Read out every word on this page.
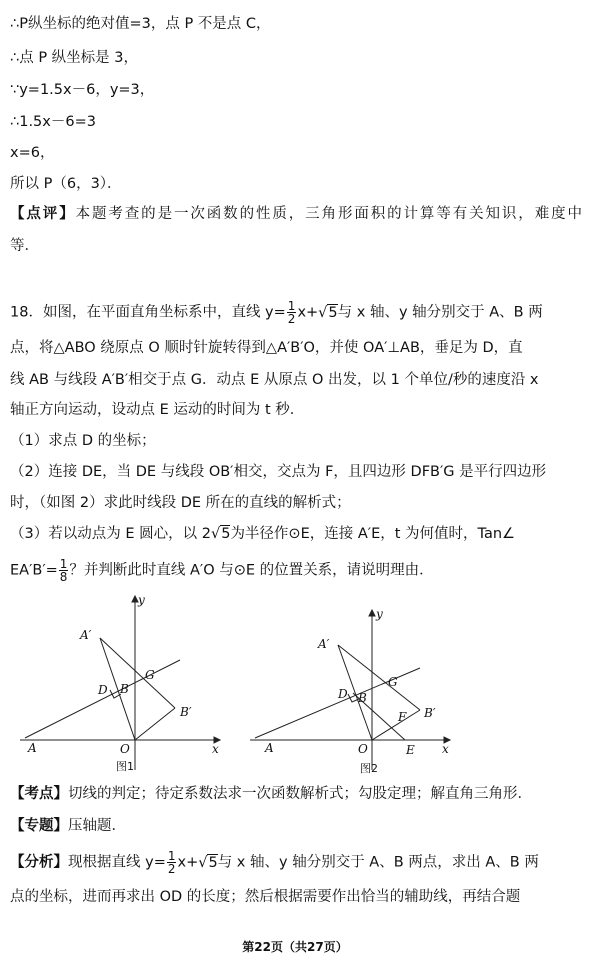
∴P纵坐标的绝对值=3，点 P 不是点 C，
∴点 P 纵坐标是 3，
∵y=1.5x－6，y=3，
∴1.5x－6=3
x=6，
所以 P（6，3）．
【点评】本题考查的是一次函数的性质，三角形面积的计算等有关知识，难度中
等．
18．如图，在平面直角坐标系中，直线 $y= \frac{1}{2} x+√5$与 x 轴、y 轴分别交于 A、B 两
点，将△ABO 绕原点 O 顺时针旋转得到△A′B′O，并使 OA′⊥AB，垂足为 D，直
线 AB 与线段 A′B′相交于点 G．动点 E 从原点 O 出发，以 1 个单位/秒的速度沿 x
轴正方向运动，设动点 E 运动的时间为 t 秒．
（1）求点 D 的坐标；
（2）连接 DE，当 DE 与线段 OB′相交，交点为 F，且四边形 DFB′G 是平行四边形
时，（如图 2）求此时线段 DE 所在的直线的解析式；
（3）若以动点为 E 圆心，以 2√5为半径作⊙E，连接 A′E，t 为何值时，Tan∠
$EA'B'= \frac{1}{8}$ ？并判断此时直线 A′O 与⊙E 的位置关系，请说明理由．
y
x
A	O
B
A′
B′
D
G
图1
y
x
A	O	E
B
A′
B′
D
G
F
图2
【考点】切线的判定；待定系数法求一次函数解析式；勾股定理；解直角三角形．
【专题】压轴题．
【分析】现根据直线 $y= \frac{1}{2} x+√5$与 x 轴、y 轴分别交于 A、B 两点，求出 A、B 两
点的坐标，进而再求出 OD 的长度；然后根据需要作出恰当的辅助线，再结合题
第22页（共27页）
